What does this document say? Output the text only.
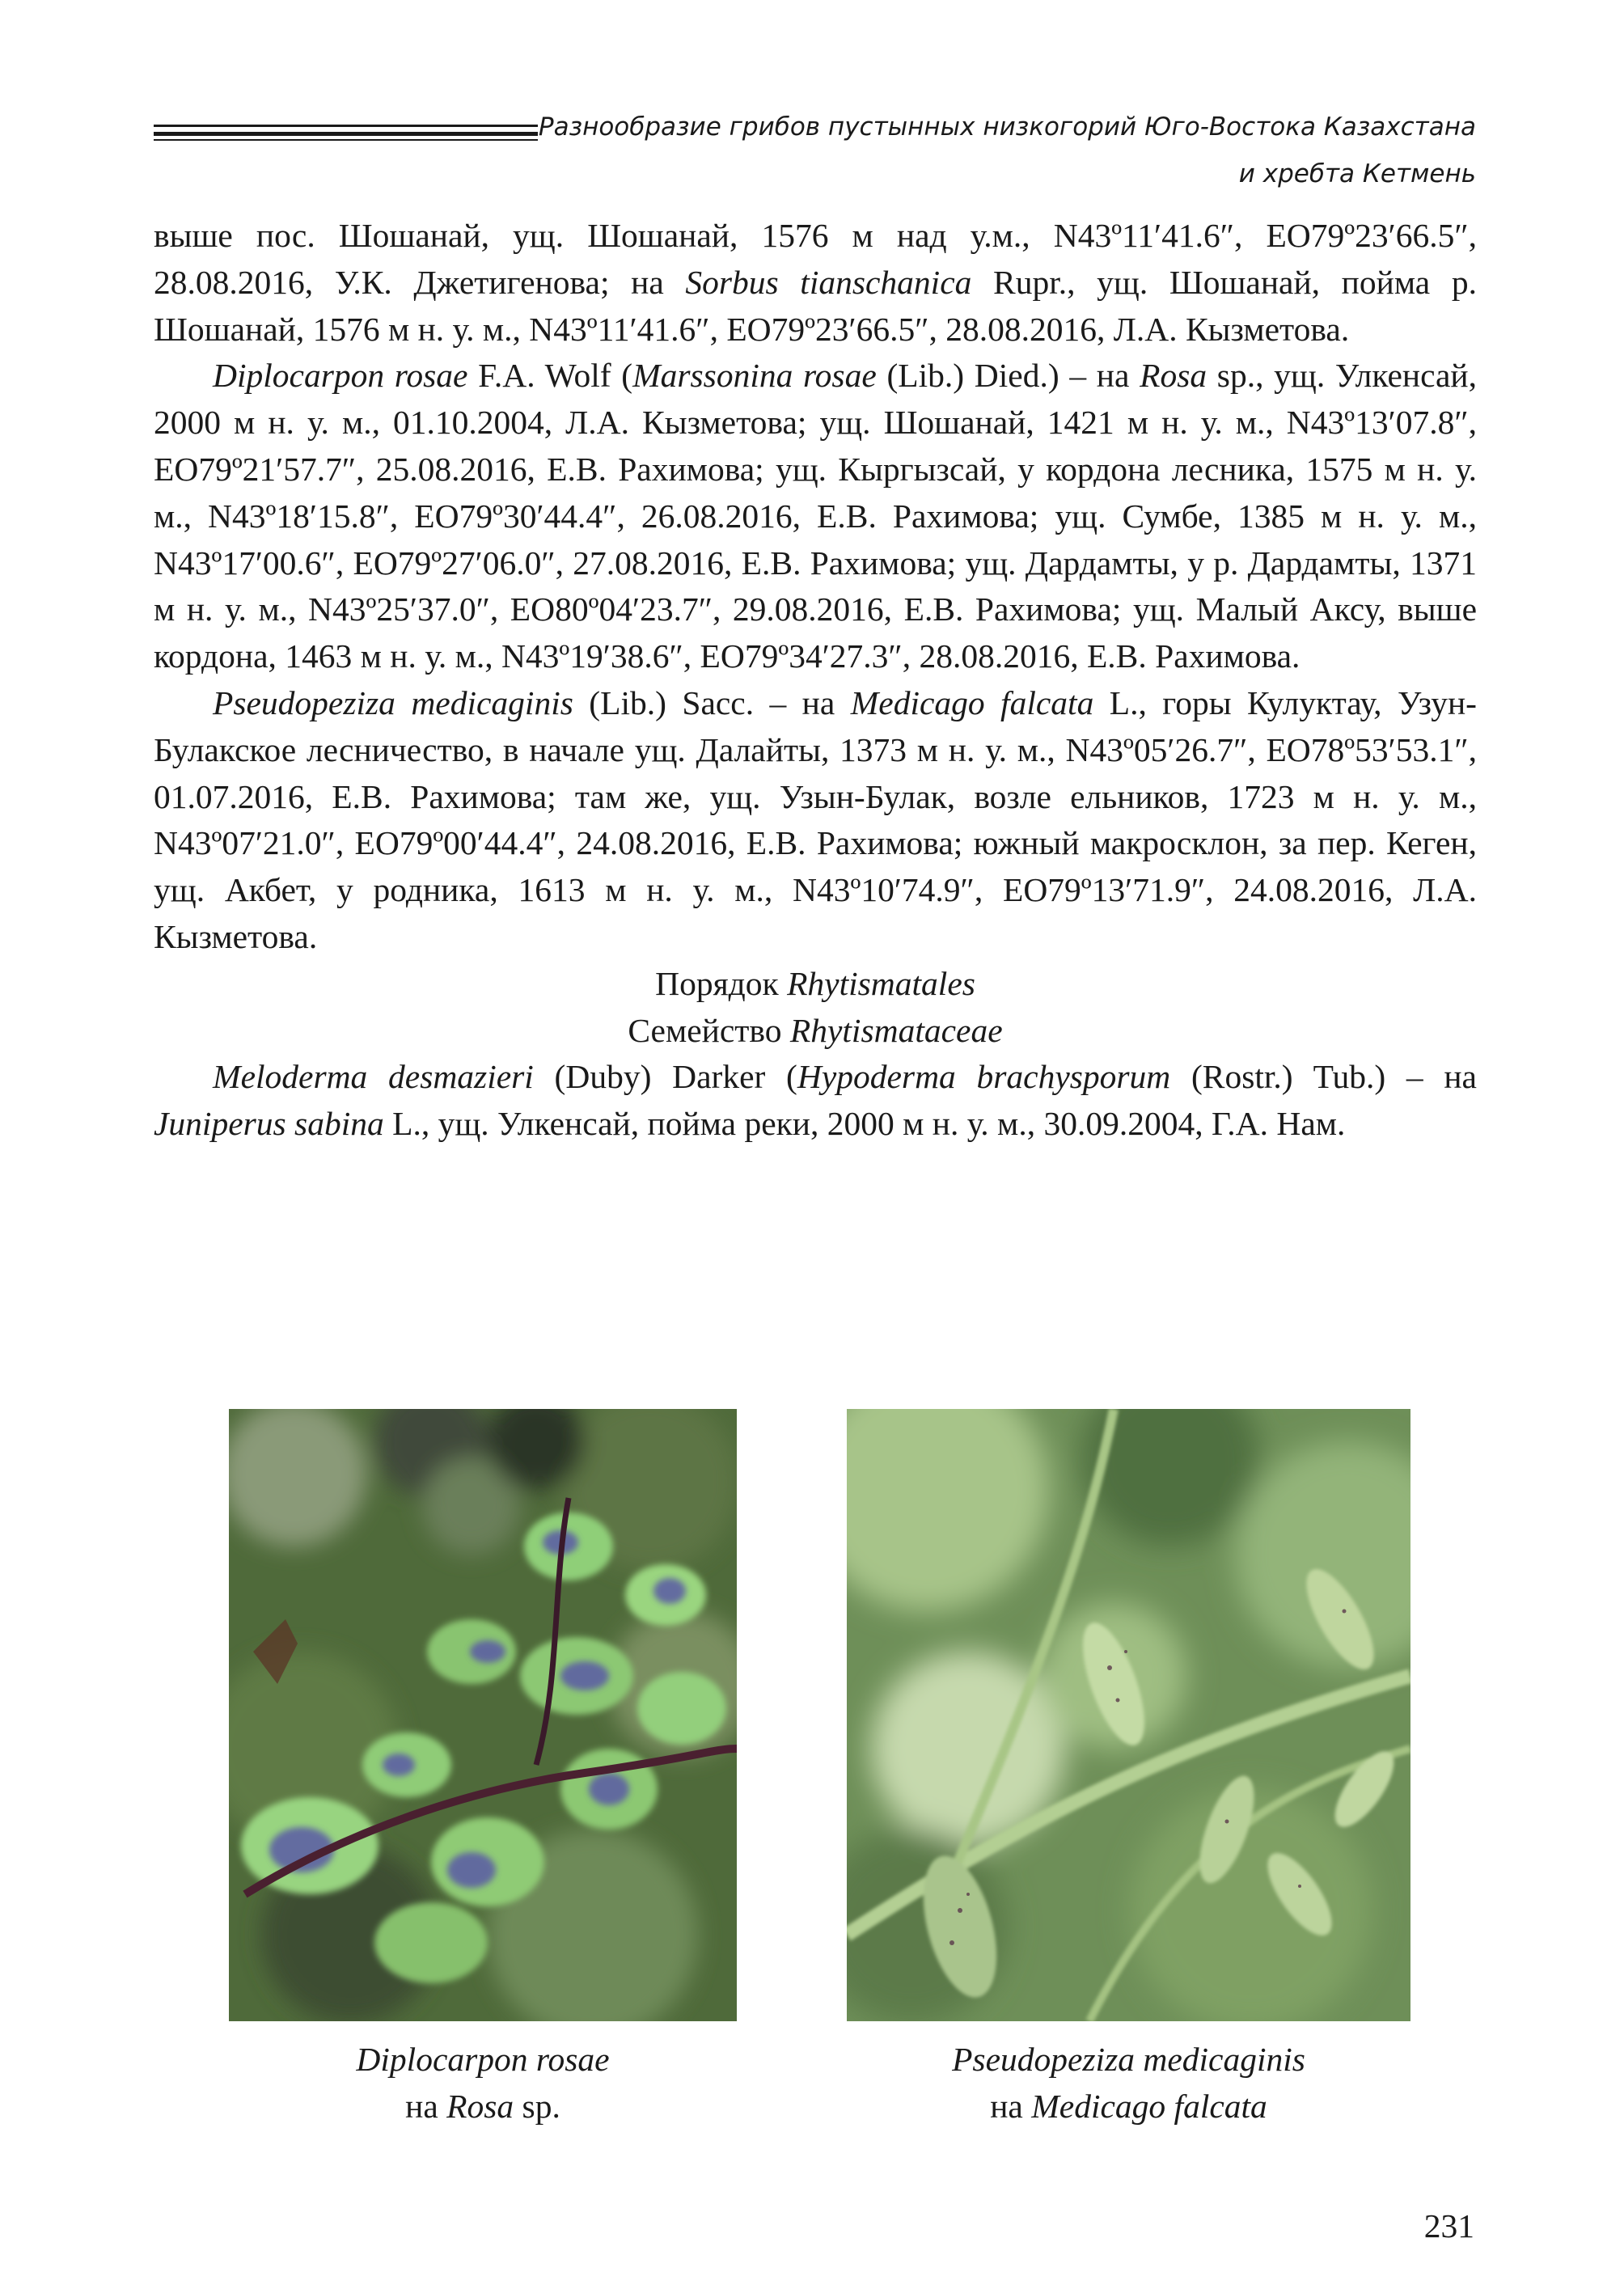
Разнообразие грибов пустынных низкогорий Юго-Востока Казахстана
и хребта Кетмень

выше пос. Шошанай, ущ. Шошанай, 1576 м над у.м., N43º11′41.6″, EO79º23′66.5″, 28.08.2016, У.К. Джетигенова; на Sorbus tianschanica Rupr., ущ. Шошанай, пойма р. Шошанай, 1576 м н. у. м., N43º11′41.6″, EO79º23′66.5″, 28.08.2016, Л.А. Кызметова.

Diplocarpon rosae F.A. Wolf (Marssonina rosae (Lib.) Died.) – на Rosa sp., ущ. Улкенсай, 2000 м н. у. м., 01.10.2004, Л.А. Кызметова; ущ. Шошанай, 1421 м н. у. м., N43º13′07.8″, EO79º21′57.7″, 25.08.2016, Е.В. Рахимова; ущ. Кыргызсай, у кордона лесника, 1575 м н. у. м., N43º18′15.8″, EO79º30′44.4″, 26.08.2016, Е.В. Рахимова; ущ. Сумбе, 1385 м н. у. м., N43º17′00.6″, EO79º27′06.0″, 27.08.2016, Е.В. Рахимова; ущ. Дардамты, у р. Дардамты, 1371 м н. у. м., N43º25′37.0″, EO80º04′23.7″, 29.08.2016, Е.В. Рахимова; ущ. Малый Аксу, выше кордона, 1463 м н. у. м., N43º19′38.6″, EO79º34′27.3″, 28.08.2016, Е.В. Рахимова.

Pseudopeziza medicaginis (Lib.) Sacc. – на Medicago falcata L., горы Кулуктау, Узун-Булакское лесничество, в начале ущ. Далайты, 1373 м н. у. м., N43º05′26.7″, EO78º53′53.1″, 01.07.2016, Е.В. Рахимова; там же, ущ. Узын-Булак, возле ельников, 1723 м н. у. м., N43º07′21.0″, EO79º00′44.4″, 24.08.2016, Е.В. Рахимова; южный макросклон, за пер. Кеген, ущ. Акбет, у родника, 1613 м н. у. м., N43º10′74.9″, EO79º13′71.9″, 24.08.2016, Л.А. Кызметова.

Порядок Rhytismatales

Семейство Rhytismataceae

Meloderma desmazieri (Duby) Darker (Hypoderma brachysporum (Rostr.) Tub.) – на Juniperus sabina L., ущ. Улкенсай, пойма реки, 2000 м н. у. м., 30.09.2004, Г.А. Нам.

Diplocarpon rosae
на Rosa sp.
Pseudopeziza medicaginis
на Medicago falcata
231
